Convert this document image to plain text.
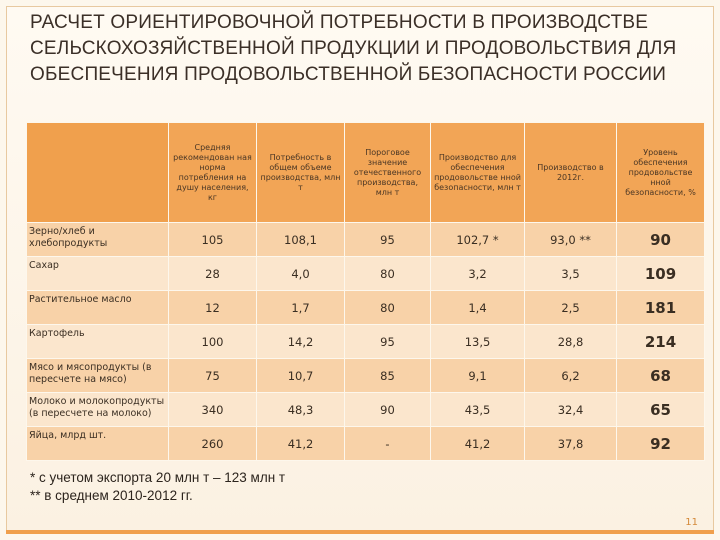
РАСЧЕТ ОРИЕНТИРОВОЧНОЙ ПОТРЕБНОСТИ В ПРОИЗВОДСТВЕ
СЕЛЬСКОХОЗЯЙСТВЕННОЙ ПРОДУКЦИИ И ПРОДОВОЛЬСТВИЯ ДЛЯ
ОБЕСПЕЧЕНИЯ ПРОДОВОЛЬСТВЕННОЙ БЕЗОПАСНОСТИ РОССИИ
	Средняя рекомендован ная норма потребления на душу населения, кг	Потребность в общем объеме производства, млн т	Пороговое значение отечественного производства, млн т	Производство для обеспечения продовольстве нной безопасности, млн т	Производство в 2012г.	Уровень обеспечения продовольстве нной безопасности, %
Зерно/хлеб и хлебопродукты	105	108,1	95	102,7 *	93,0 **	90
Сахар	28	4,0	80	3,2	3,5	109
Растительное масло	12	1,7	80	1,4	2,5	181
Картофель	100	14,2	95	13,5	28,8	214
Мясо и мясопродукты (в пересчете на мясо)	75	10,7	85	9,1	6,2	68
Молоко и молокопродукты (в пересчете на молоко)	340	48,3	90	43,5	32,4	65
Яйца, млрд шт.	260	41,2	-	41,2	37,8	92
* с учетом экспорта 20 млн т – 123 млн т
** в среднем 2010-2012 гг.
11
